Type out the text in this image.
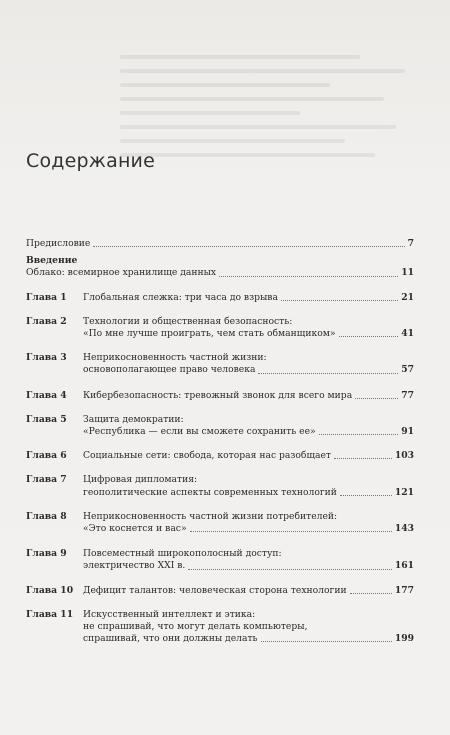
Содержание
Предисловие	7
Введение
Облако: всемирное хранилище данных	11
Глава 1	Глобальная слежка: три часа до взрыва	21
Глава 2	Технологии и общественная безопасность:
«По мне лучше проиграть, чем стать обманщиком»	41
Глава 3	Неприкосновенность частной жизни:
основополагающее право человека	57
Глава 4	Кибербезопасность: тревожный звонок для всего мира	77
Глава 5	Защита демократии:
«Республика — если вы сможете сохранить ее»	91
Глава 6	Социальные сети: свобода, которая нас разобщает	103
Глава 7	Цифровая дипломатия:
геополитические аспекты современных технологий	121
Глава 8	Неприкосновенность частной жизни потребителей:
«Это коснется и вас»	143
Глава 9	Повсеместный широкополосный доступ:
электричество XXI в.	161
Глава 10	Дефицит талантов: человеческая сторона технологии	177
Глава 11	Искусственный интеллект и этика:
не спрашивай, что могут делать компьютеры,
спрашивай, что они должны делать	199
